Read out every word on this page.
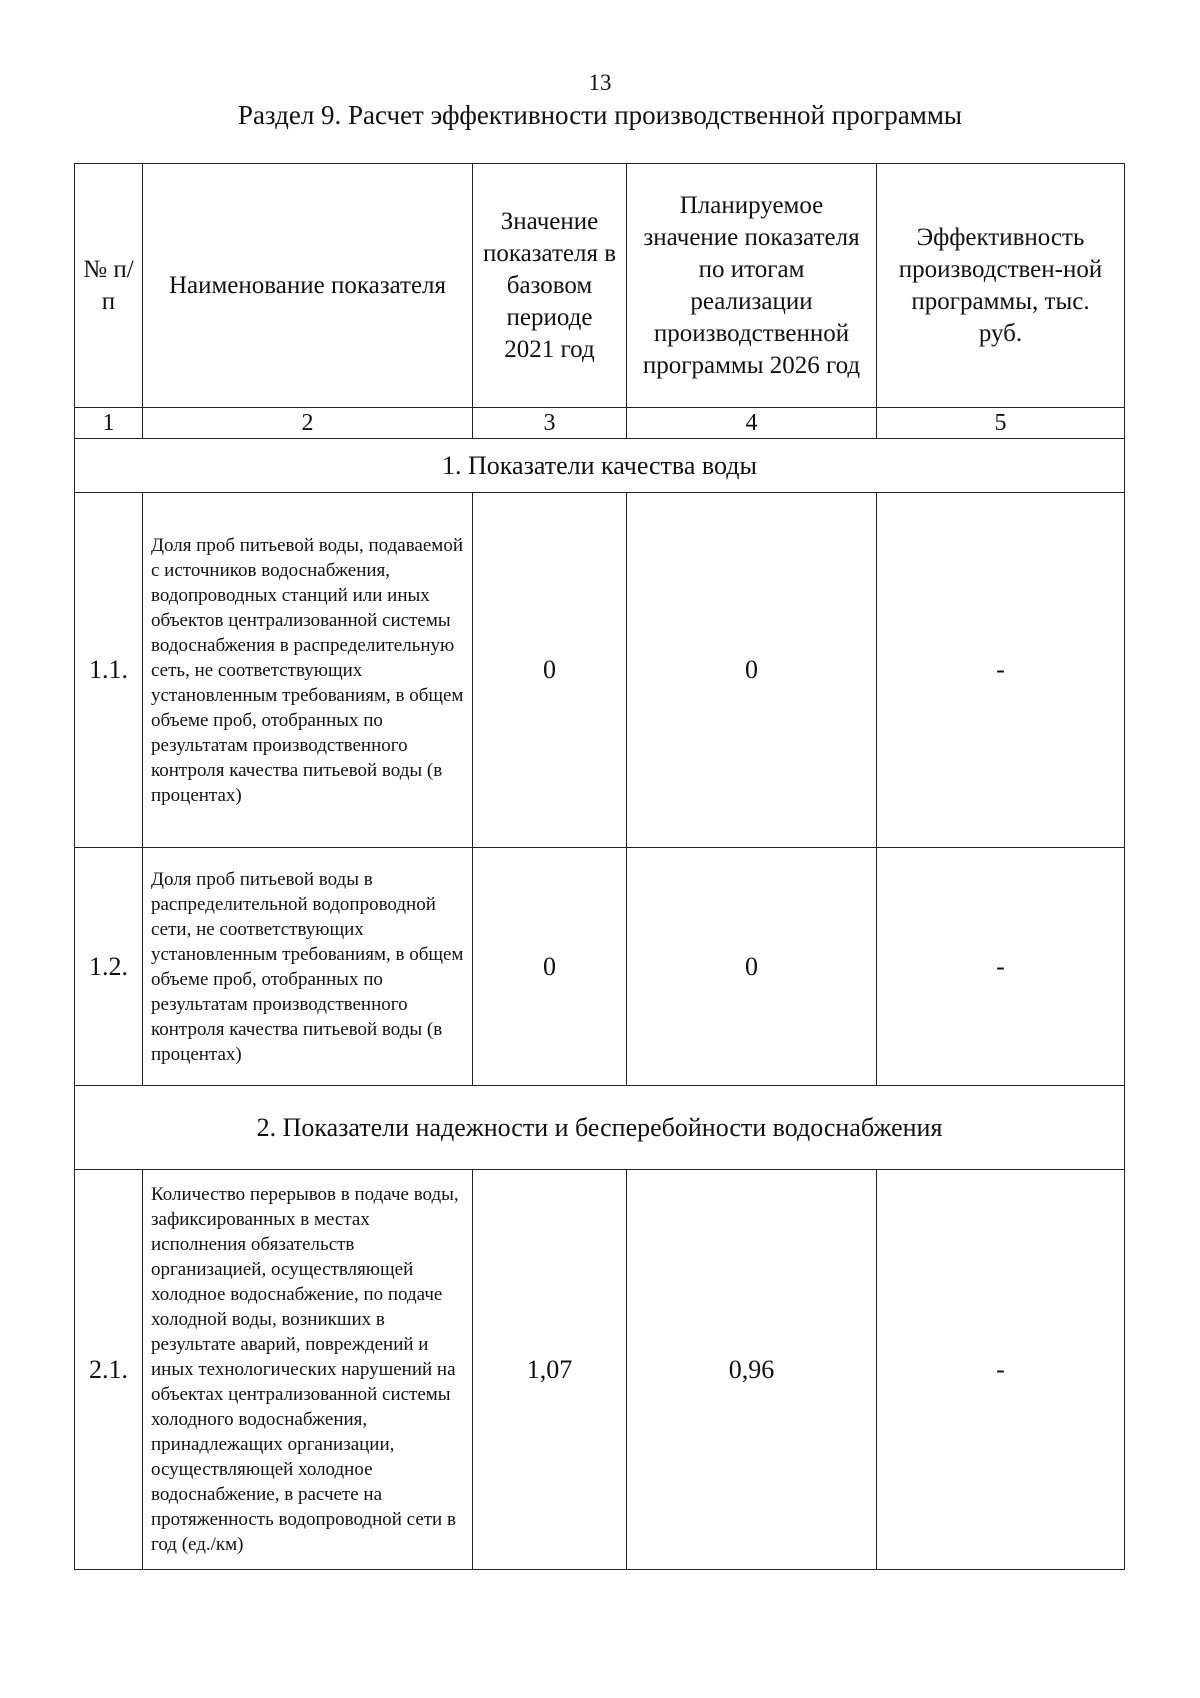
13
Раздел 9. Расчет эффективности производственной программы
№ п/п	Наименование показателя	Значение показателя в базовом периоде 2021 год	Планируемое значение показателя по итогам реализации производственной программы 2026 год	Эффективность производствен-ной программы, тыс. руб.
1	2	3	4	5
1. Показатели качества воды				
1.1.	Доля проб питьевой воды, подаваемой с источников водоснабжения, водопроводных станций или иных объектов централизованной системы водоснабжения в распределительную сеть, не соответствующих установленным требованиям, в общем объеме проб, отобранных по результатам производственного контроля качества питьевой воды (в процентах)	0	0	-
1.2.	Доля проб питьевой воды в распределительной водопроводной сети, не соответствующих установленным требованиям, в общем объеме проб, отобранных по результатам производственного контроля качества питьевой воды (в процентах)	0	0	-
2. Показатели надежности и бесперебойности водоснабжения				
2.1.	Количество перерывов в подаче воды, зафиксированных в местах исполнения обязательств организацией, осуществляющей холодное водоснабжение, по подаче холодной воды, возникших в результате аварий, повреждений и иных технологических нарушений на объектах централизованной системы холодного водоснабжения, принадлежащих организации, осуществляющей холодное водоснабжение, в расчете на протяженность водопроводной сети в год (ед./км)	1,07	0,96	-
